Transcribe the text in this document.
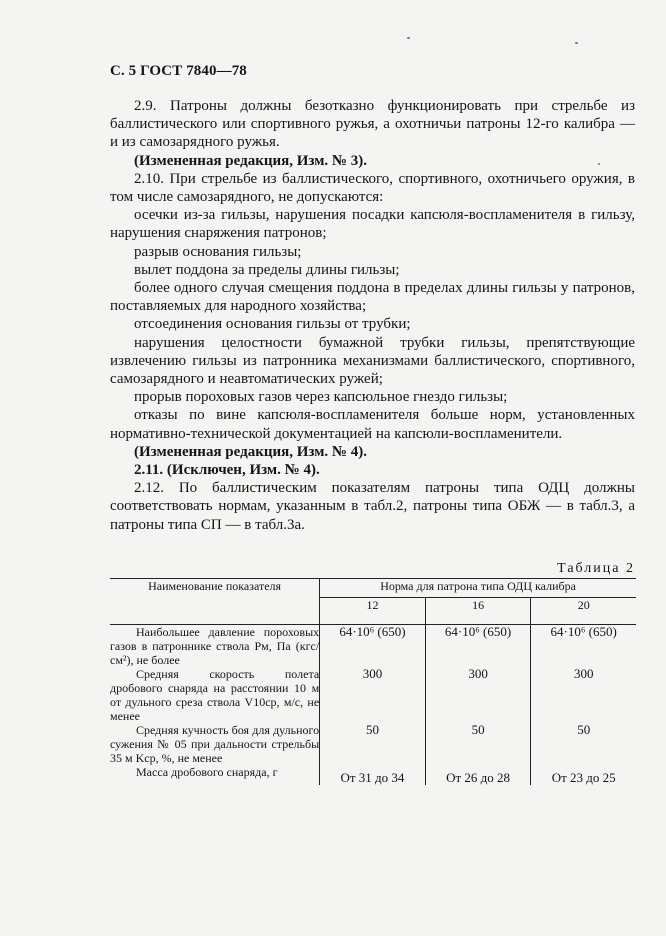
С. 5 ГОСТ 7840—78

2.9. Патроны должны безотказно функционировать при стрельбе из баллистического или спортивного ружья, а охотничьи патроны 12-го калибра — и из самозарядного ружья.

(Измененная редакция, Изм. № 3).

2.10. При стрельбе из баллистического, спортивного, охотничьего оружия, в том числе самозарядного, не допускаются:

осечки из-за гильзы, нарушения посадки капсюля-воспламенителя в гильзу, нарушения снаряжения патронов;

разрыв основания гильзы;

вылет поддона за пределы длины гильзы;

более одного случая смещения поддона в пределах длины гильзы у патронов, поставляемых для народного хозяйства;

отсоединения основания гильзы от трубки;

нарушения целостности бумажной трубки гильзы, препятствующие извлечению гильзы из патронника механизмами баллистического, спортивного, самозарядного и неавтоматических ружей;

прорыв пороховых газов через капсюльное гнездо гильзы;

отказы по вине капсюля-воспламенителя больше норм, установленных нормативно-технической документацией на капсюли-воспламенители.

(Измененная редакция, Изм. № 4).

2.11. (Исключен, Изм. № 4).

2.12. По баллистическим показателям патроны типа ОДЦ должны соответствовать нормам, указанным в табл.2, патроны типа ОБЖ — в табл.3, а патроны типа СП — в табл.3а.

Таблица 2
Наименование показателя	Норма для патрона типа ОДЦ калибра		
	12	16	20
Наибольшее давление пороховых газов в патроннике ствола Pм, Па (кгс/см²), не более	64·10⁶ (650)	64·10⁶ (650)	64·10⁶ (650)
Средняя скорость полета дробового снаряда на расстоянии 10 м от дульного среза ствола V10ср, м/с, не менее	300	300	300
Средняя кучность боя для дульного сужения № 05 при дальности стрельбы 35 м Kср, %, не менее	50	50	50
Масса дробового снаряда, г	От 31 до 34	От 26 до 28	От 23 до 25
